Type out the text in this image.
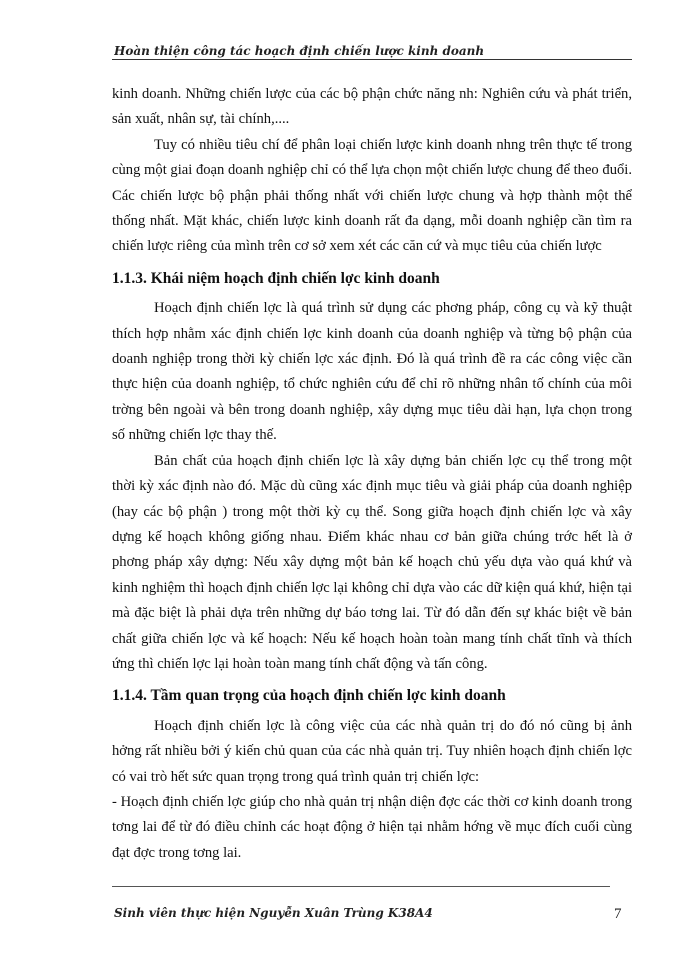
Hoàn thiện công tác hoạch định chiến lược kinh doanh

kinh doanh. Những chiến lược của các bộ phận chức năng nh: Nghiên cứu và phát triển, sản xuất, nhân sự, tài chính,....

Tuy có nhiều tiêu chí để phân loại chiến lược kinh doanh nhng trên thực tế trong cùng một giai đoạn doanh nghiệp chỉ có thể lựa chọn một chiến lược chung để theo đuổi. Các chiến lược bộ phận phải thống nhất với chiến lược chung và hợp thành một thể thống nhất. Mặt khác, chiến lược kinh doanh rất đa dạng, mỗi doanh nghiệp cần tìm ra chiến lược riêng của mình trên cơ sở xem xét các căn cứ và mục tiêu của chiến lược

1.1.3. Khái niệm hoạch định chiến lợc kinh doanh

Hoạch định chiến lợc là quá trình sử dụng các phơng pháp, công cụ và kỹ thuật thích hợp nhằm xác định chiến lợc kinh doanh của doanh nghiệp và từng bộ phận của doanh nghiệp trong thời kỳ chiến lợc xác định. Đó là quá trình đề ra các công việc cần thực hiện của doanh nghiệp, tổ chức nghiên cứu để chỉ rõ những nhân tố chính của môi trờng bên ngoài và bên trong doanh nghiệp, xây dựng mục tiêu dài hạn, lựa chọn trong số những chiến lợc thay thế.

Bản chất của hoạch định chiến lợc là xây dựng bản chiến lợc cụ thể trong một thời kỳ xác định nào đó. Mặc dù cũng xác định mục tiêu và giải pháp của doanh nghiệp (hay các bộ phận ) trong một thời kỳ cụ thể. Song giữa hoạch định chiến lợc và xây dựng kế hoạch không giống nhau. Điểm khác nhau cơ bản giữa chúng trớc hết là ở phơng pháp xây dựng: Nếu xây dựng một bản kế hoạch chủ yếu dựa vào quá khứ và kinh nghiệm thì hoạch định chiến lợc lại không chỉ dựa vào các dữ kiện quá khứ, hiện tại mà đặc biệt là phải dựa trên những dự báo tơng lai. Từ đó dẫn đến sự khác biệt về bản chất giữa chiến lợc và kế hoạch: Nếu kế hoạch hoàn toàn mang tính chất tĩnh và thích ứng thì chiến lợc lại hoàn toàn mang tính chất động và tấn công.

1.1.4. Tầm quan trọng của hoạch định chiến lợc kinh doanh

Hoạch định chiến lợc là công việc của các nhà quản trị do đó nó cũng bị ảnh hởng rất nhiều bởi ý kiến chủ quan của các nhà quản trị. Tuy nhiên hoạch định chiến lợc có vai trò hết sức quan trọng trong quá trình quản trị chiến lợc:

- Hoạch định chiến lợc giúp cho nhà quản trị nhận diện đợc các thời cơ kinh doanh trong tơng lai để từ đó điều chỉnh các hoạt động ở hiện tại nhằm hớng về mục đích cuối cùng đạt đợc trong tơng lai.

Sinh viên thực hiện Nguyễn Xuân Trùng K38A4	7
